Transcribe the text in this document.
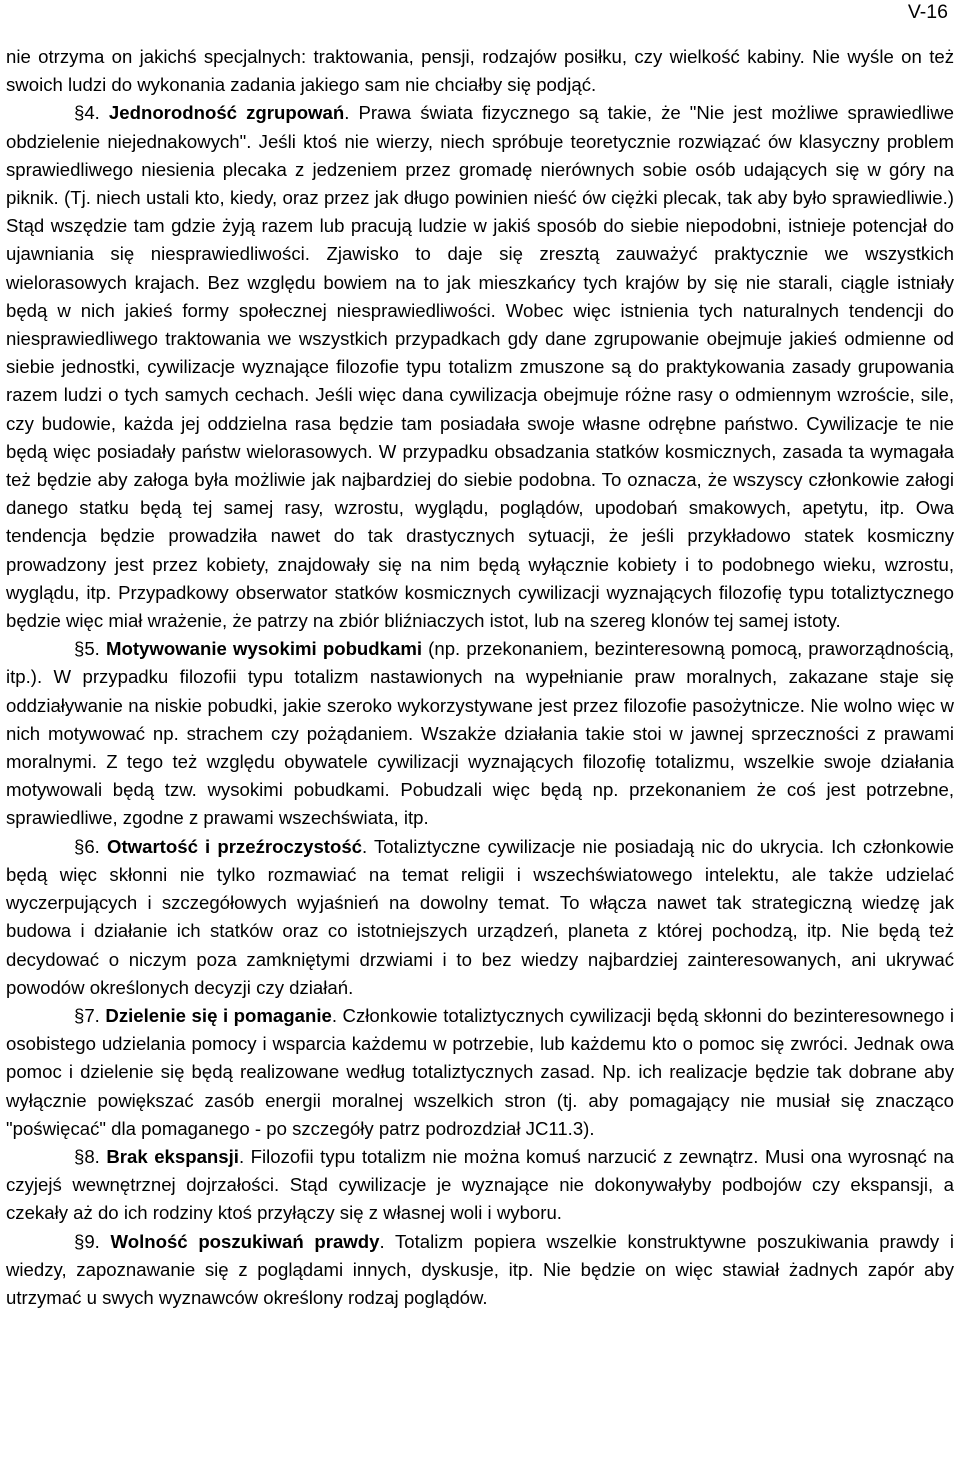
V-16

nie otrzyma on jakichś specjalnych: traktowania, pensji, rodzajów posiłku, czy wielkość kabiny. Nie wyśle on też swoich ludzi do wykonania zadania jakiego sam nie chciałby się podjąć.

§4. Jednorodność zgrupowań. Prawa świata fizycznego są takie, że "Nie jest możliwe sprawiedliwe obdzielenie niejednakowych". Jeśli ktoś nie wierzy, niech spróbuje teoretycznie rozwiązać ów klasyczny problem sprawiedliwego niesienia plecaka z jedzeniem przez gromadę nierównych sobie osób udających się w góry na piknik. (Tj. niech ustali kto, kiedy, oraz przez jak długo powinien nieść ów ciężki plecak, tak aby było sprawiedliwie.) Stąd wszędzie tam gdzie żyją razem lub pracują ludzie w jakiś sposób do siebie niepodobni, istnieje potencjał do ujawniania się niesprawiedliwości. Zjawisko to daje się zresztą zauważyć praktycznie we wszystkich wielorasowych krajach. Bez względu bowiem na to jak mieszkańcy tych krajów by się nie starali, ciągle istniały będą w nich jakieś formy społecznej niesprawiedliwości. Wobec więc istnienia tych naturalnych tendencji do niesprawiedliwego traktowania we wszystkich przypadkach gdy dane zgrupowanie obejmuje jakieś odmienne od siebie jednostki, cywilizacje wyznające filozofie typu totalizm zmuszone są do praktykowania zasady grupowania razem ludzi o tych samych cechach. Jeśli więc dana cywilizacja obejmuje różne rasy o odmiennym wzroście, sile, czy budowie, każda jej oddzielna rasa będzie tam posiadała swoje własne odrębne państwo. Cywilizacje te nie będą więc posiadały państw wielorasowych. W przypadku obsadzania statków kosmicznych, zasada ta wymagała też będzie aby załoga była możliwie jak najbardziej do siebie podobna. To oznacza, że wszyscy członkowie załogi danego statku będą tej samej rasy, wzrostu, wyglądu, poglądów, upodobań smakowych, apetytu, itp. Owa tendencja będzie prowadziła nawet do tak drastycznych sytuacji, że jeśli przykładowo statek kosmiczny prowadzony jest przez kobiety, znajdowały się na nim będą wyłącznie kobiety i to podobnego wieku, wzrostu, wyglądu, itp. Przypadkowy obserwator statków kosmicznych cywilizacji wyznających filozofię typu totaliztycznego będzie więc miał wrażenie, że patrzy na zbiór bliźniaczych istot, lub na szereg klonów tej samej istoty.

§5. Motywowanie wysokimi pobudkami (np. przekonaniem, bezinteresowną pomocą, praworządnością, itp.). W przypadku filozofii typu totalizm nastawionych na wypełnianie praw moralnych, zakazane staje się oddziaływanie na niskie pobudki, jakie szeroko wykorzystywane jest przez filozofie pasożytnicze. Nie wolno więc w nich motywować np. strachem czy pożądaniem. Wszakże działania takie stoi w jawnej sprzeczności z prawami moralnymi. Z tego też względu obywatele cywilizacji wyznających filozofię totalizmu, wszelkie swoje działania motywowali będą tzw. wysokimi pobudkami. Pobudzali więc będą np. przekonaniem że coś jest potrzebne, sprawiedliwe, zgodne z prawami wszechświata, itp.

§6. Otwartość i przeźroczystość. Totaliztyczne cywilizacje nie posiadają nic do ukrycia. Ich członkowie będą więc skłonni nie tylko rozmawiać na temat religii i wszechświatowego intelektu, ale także udzielać wyczerpujących i szczegółowych wyjaśnień na dowolny temat. To włącza nawet tak strategiczną wiedzę jak budowa i działanie ich statków oraz co istotniejszych urządzeń, planeta z której pochodzą, itp. Nie będą też decydować o niczym poza zamkniętymi drzwiami i to bez wiedzy najbardziej zainteresowanych, ani ukrywać powodów określonych decyzji czy działań.

§7. Dzielenie się i pomaganie. Członkowie totaliztycznych cywilizacji będą skłonni do bezinteresownego i osobistego udzielania pomocy i wsparcia każdemu w potrzebie, lub każdemu kto o pomoc się zwróci. Jednak owa pomoc i dzielenie się będą realizowane według totaliztycznych zasad. Np. ich realizacje będzie tak dobrane aby wyłącznie powiększać zasób energii moralnej wszelkich stron (tj. aby pomagający nie musiał się znacząco "poświęcać" dla pomaganego - po szczegóły patrz podrozdział JC11.3).

§8. Brak ekspansji. Filozofii typu totalizm nie można komuś narzucić z zewnątrz. Musi ona wyrosnąć na czyjejś wewnętrznej dojrzałości. Stąd cywilizacje je wyznające nie dokonywałyby podbojów czy ekspansji, a czekały aż do ich rodziny ktoś przyłączy się z własnej woli i wyboru.

§9. Wolność poszukiwań prawdy. Totalizm popiera wszelkie konstruktywne poszukiwania prawdy i wiedzy, zapoznawanie się z poglądami innych, dyskusje, itp. Nie będzie on więc stawiał żadnych zapór aby utrzymać u swych wyznawców określony rodzaj poglądów.
